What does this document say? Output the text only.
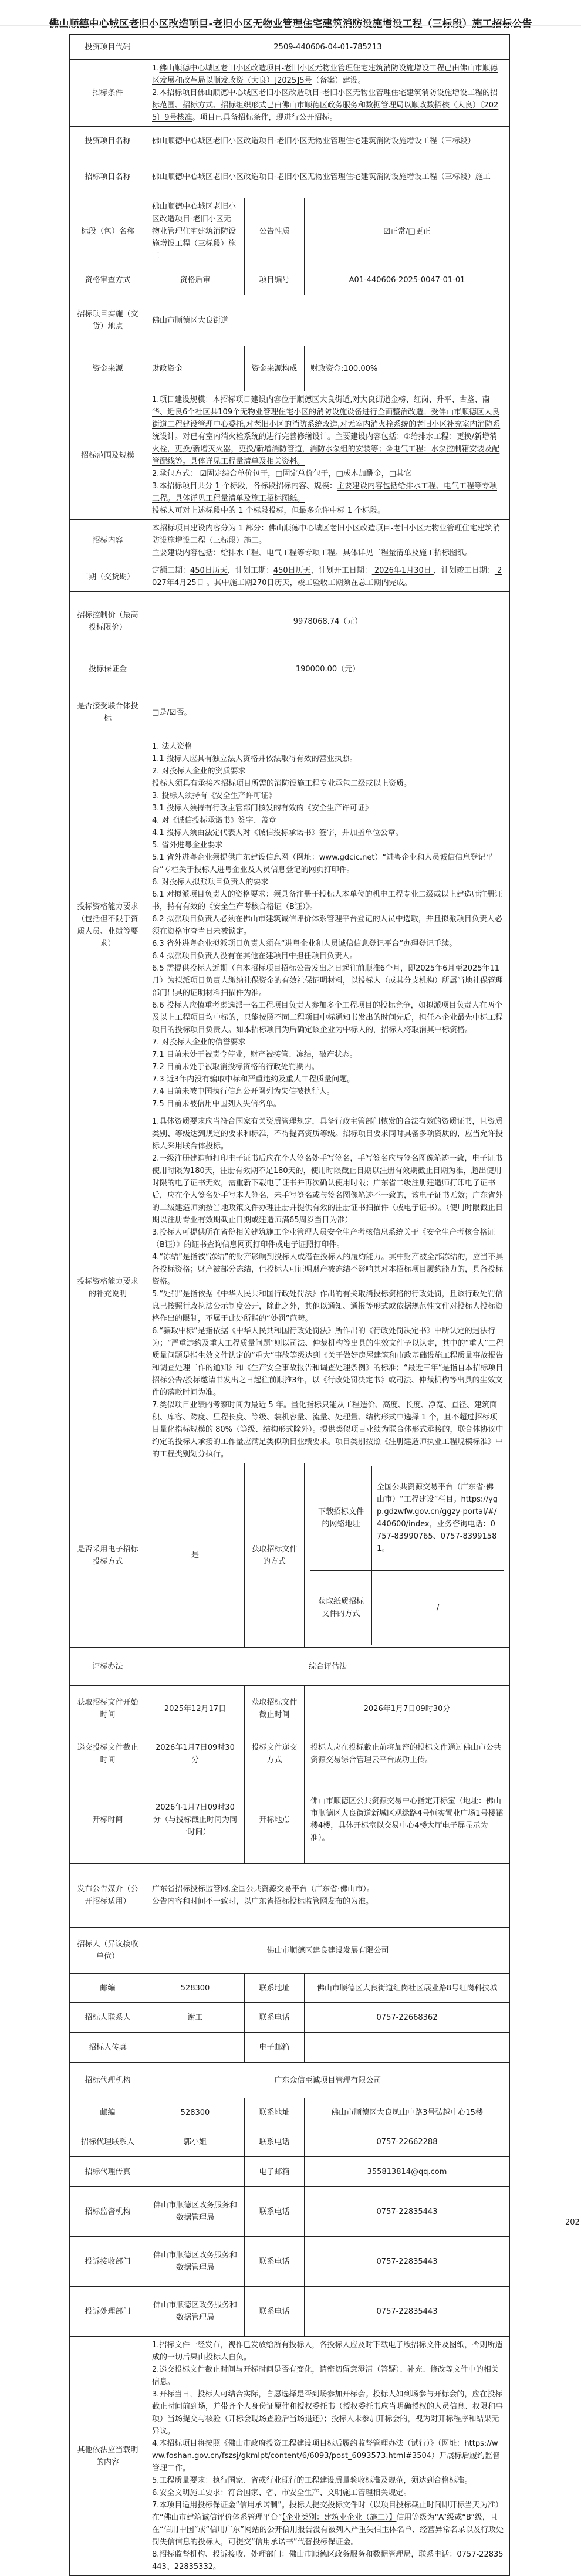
佛山顺德中心城区老旧小区改造项目-老旧小区无物业管理住宅建筑消防设施增设工程（三标段）施工招标公告
投资项目代码	2509-440606-04-01-785213
招标条件	1.佛山顺德中心城区老旧小区改造项目-老旧小区无物业管理住宅建筑消防设施增设工程已由佛山市顺德区发展和改革局以顺发改资（大良）[2025]5号（备案）建设。
2.本招标项目佛山顺德中心城区老旧小区改造项目-老旧小区无物业管理住宅建筑消防设施增设工程的招标范围、招标方式、招标组织形式已由佛山市顺德区政务服务和数据管理局以顺政数招核（大良）〔2025〕9号核准。项目已具备招标条件，现进行公开招标。
投资项目名称	佛山顺德中心城区老旧小区改造项目-老旧小区无物业管理住宅建筑消防设施增设工程（三标段）
招标项目名称	佛山顺德中心城区老旧小区改造项目-老旧小区无物业管理住宅建筑消防设施增设工程（三标段）施工
标段（包）名称	佛山顺德中心城区老旧小区改造项目-老旧小区无物业管理住宅建筑消防设施增设工程（三标段）施工	公告性质	☑正常/□更正
资格审查方式	资格后审	项目编号	A01-440606-2025-0047-01-01
招标项目实施（交货）地点	佛山市顺德区大良街道
资金来源	财政资金	资金来源构成	财政资金:100.00%
招标范围及规模	1.项目建设规模：本招标项目建设内容位于顺德区大良街道,对大良街道金榜、红岗、升平、古鉴、南华、近良6个社区共109个无物业管理住宅小区的消防设施设备进行全面整治改造。受佛山市顺德区大良街道工程建设管理中心委托,对老旧小区的消防系统改造,对无室内消火栓系统的老旧小区补充室内消防系统设计。对已有室内消火栓系统的进行完善修缮设计。主要建设内容包括：①给排水工程：更换/新增消火栓，更换/新增灭火器，更换/新增消防管道，消防水泵组的安装等；②电气工程：水泵控制箱安装及配管配线等。具体详见工程量清单及相关资料。
2.承包方式： ☑固定综合单价包干，□固定总价包干，□成本加酬金，□其它
3.本招标项目共分 1 个标段，各标段招标内容、规模：主要建设内容包括给排水工程、电气工程等专项工程。具体详见工程量清单及施工招标图纸。
投标人可对上述标段中的 1 个标段投标，但最多允许中标 1 个标段。
招标内容	本招标项目建设内容分为 1 部分：佛山顺德中心城区老旧小区改造项目-老旧小区无物业管理住宅建筑消防设施增设工程（三标段）施工。
主要建设内容包括：给排水工程、电气工程等专项工程。具体详见工程量清单及施工招标图纸。
工期（交货期）	定额工期：450日历天，计划工期：450日历天，计划开工日期： 2026年1月30日 ，计划竣工日期： 2027年4月25日 。其中施工期270日历天，竣工验收工期须在总工期内完成。
招标控制价（最高投标限价）	9978068.74（元）
投标保证金	190000.00（元）
是否接受联合体投标	□是/☑否。
投标资格能力要求（包括但不限于资质人员、业绩等要求）	1. 法人资格
1.1 投标人应具有独立法人资格并依法取得有效的营业执照。
2. 对投标人企业的资质要求
投标人须具有承接本招标项目所需的消防设施工程专业承包二级或以上资质。
3. 投标人须持有《安全生产许可证》
3.1 投标人须持有行政主管部门核发的有效的《安全生产许可证》
4. 对《诚信投标承诺书》签字、盖章
4.1 投标人须由法定代表人对《诚信投标承诺书》签字，并加盖单位公章。
5. 省外进粤企业要求
5.1 省外进粤企业须提供广东建设信息网（网址：www.gdcic.net）“进粤企业和人员诚信信息登记平台”专栏关于投标人进粤企业及人员信息登记的网页打印件。
6. 对投标人拟派项目负责人的要求
6.1 对拟派项目负责人的资格要求：须具备注册于投标人本单位的机电工程专业二级或以上建造师注册证书，持有有效的《安全生产考核合格证（B证）》。
6.2 拟派项目负责人必须在佛山市建筑诚信评价体系管理平台登记的人员中选取，并且拟派项目负责人必须在资格审查当日未被锁定。
6.3 省外进粤企业拟派项目负责人须在“进粤企业和人员诚信信息登记平台”办理登记手续。
6.4 拟派项目负责人没有在其他在建项目中担任项目负责人。
6.5 需提供投标人近期（自本招标项目招标公告发出之日起往前顺推6个月，即2025年6月至2025年11月）为拟派项目负责人缴纳社保资金的有效社保证明材料，以投标人（或其分支机构）所属当地社保管理部门出具的证明材料扫描件为准。
6.6 投标人应慎重考虑选派一名工程项目负责人参加多个工程项目的投标竞争，如拟派项目负责人在两个及以上工程项目均中标的，只能按照不同工程项目中标通知书发出的时间先后，担任本企业最先中标工程项目的投标项目负责人。如本招标项目为后确定该企业为中标人的，招标人将取消其中标资格。
7. 对投标人企业的信誉要求
7.1 目前未处于被责令停业，财产被接管、冻结，破产状态。
7.2 目前未处于被取消投标资格的行政处罚期内。
7.3 近3年内没有骗取中标和严重违约及重大工程质量问题。
7.4 目前未被中国执行信息公开网列为失信被执行人。
7.5 目前未被信用中国列入失信名单。
投标资格能力要求的补充说明	1.具体资质要求应当符合国家有关资质管理规定，具备行政主管部门核发的合法有效的资质证书，且资质类别、等级达到规定的要求和标准，不得提高资质等级。招标项目要求同时具备多项资质的，应当允许投标人采用联合体投标。
2.一级注册建造师打印电子证书后应在个人签名处手写签名，手写签名应与签名图像笔迹一致，电子证书使用时限为180天，注册有效期不足180天的，使用时限截止日期以注册有效期截止日期为准，超出使用时限的电子证书无效，需重新下载电子证书并再次确认使用时限；广东省二级注册建造师打印电子证书后，应在个人签名处手写本人签名，未手写签名或与签名图像笔迹不一致的，该电子证书无效；广东省外的二级建造师须按当地政策文件办理注册并提供有效的注册证书扫描件（或电子证书）。（使用时限截止日期以注册专业有效期截止日期或建造师满65周岁当日为准）
3.投标人可提供所在省份相关建筑施工企业管理人员安全生产考核信息系统关于《安全生产考核合格证（B证）》的证书查询信息网页打印件或电子证照打印件。
4.“冻结”是指被“冻结”的财产影响到投标人或潜在投标人的履约能力。其中财产被全部冻结的，应当不具备投标资格；财产被部分冻结，但投标人可证明财产被冻结不影响其对本招标项目履约能力的，具备投标资格。
5.“处罚”是指依据《中华人民共和国行政处罚法》作出的有关取消投标资格的行政处罚，且该行政处罚信息已按照行政执法公示制度公开，除此之外，其他以通知、通报等形式或依据规范性文件对投标人投标资格作出的限制，不属于此处所指的“处罚”范畴。
6.“骗取中标”是指依据《中华人民共和国行政处罚法》所作出的《行政处罚决定书》中所认定的违法行为；“严重违约及重大工程质量问题”则以司法、仲裁机构等出具的生效文件予以认定，其中的“重大”工程质量问题是指生效文件认定的“重大”事故等级达到《关于做好房屋建筑和市政基础设施工程质量事故报告和调查处理工作的通知》和《生产安全事故报告和调查处理条例》的标准；“最近三年”是指自本招标项目招标公告/投标邀请书发出之日起往前顺推3年，以《行政处罚决定书》或司法、仲裁机构等出具的生效文件的落款时间为准。
7.类似项目业绩的考察时间为最近 5 年。量化指标只能从工程造价、高度、长度、净宽、直径、建筑面积、库容、跨度、里程长度、等级、装机容量、流量、处理量、结构形式中选择 1 个，且不超过招标项目量化指标规模的 80%（等级、结构形式除外）。提供类似项目业绩为联合体形式承接的，联合体协议中约定的投标人承接的工作量应满足类似项目业绩要求。项目类别按照《注册建造师执业工程规模标准》中的工程类别划分执行。
是否采用电子招标投标方式	是	获取招标文件的方式	
下载招标文件的网络地址	全国公共资源交易平台（广东省·佛山市）“工程建设”栏目。https://ygp.gdzwfw.gov.cn/ggzy-portal/#/440600/index，业务咨询电话：0757-83990765、0757-83991581。
获取纸质招标文件的方式	/

评标办法	综合评估法
获取招标文件开始时间	2025年12月17日	获取招标文件截止时间	2026年1月7日09时30分
递交投标文件截止时间	2026年1月7日09时30分	投标文件递交方式	投标人应在投标截止前将加密的投标文件通过佛山市公共资源交易综合管理云平台成功上传。
开标时间	2026年1月7日09时30分（与投标截止时间为同一时间）	开标地点	佛山市顺德区公共资源交易中心指定开标室（地址：佛山市顺德区大良街道新城区观绿路4号恒实置业广场1号楼裙楼4楼，具体开标室以交易中心4楼大厅电子屏显示为准）。
发布公告媒介（公开招标适用）	广东省招标投标监管网,全国公共资源交易平台（广东省·佛山市）。
公告内容和时间不一致时，以广东省招标投标监管网发布的为准。
招标人（异议接收单位）	佛山市顺德区建良建设发展有限公司
邮编	528300	联系地址	佛山市顺德区大良街道红岗社区展业路8号红岗科技城
招标人联系人	谢工	联系电话	0757-22668362
招标人传真		电子邮箱	
招标代理机构	广东众信至诚项目管理有限公司
邮编	528300	联系地址	佛山市顺德区大良凤山中路3号弘越中心15楼
招标代理联系人	郭小姐	联系电话	0757-22662288
招标代理传真		电子邮箱	355813814@qq.com
招标监督机构	佛山市顺德区政务服务和数据管理局	联系电话	0757-22835443
投诉接收部门	佛山市顺德区政务服务和数据管理局	联系电话	0757-22835443
投诉处理部门	佛山市顺德区政务服务和数据管理局	联系电话	0757-22835443
其他依法应当载明的内容	1.招标文件一经发布，视作已发放给所有投标人，各投标人应及时下载电子版招标文件及图纸，否则所造成的一切后果由投标人自负。
2.递交投标文件截止时间与开标时间是否有变化，请密切留意澄清（答疑）、补充、修改等文件中的相关信息。
3.开标当日，投标人可结合实际，自愿选择是否到场参加开标会。投标人如到场参与开标会的，应在投标截止时间前到场，并带齐个人身份证原件和授权委托书（授权委托书应当明确授权的人员信息、权限和事项）当场提交与核验（开标会现场查验后当场退还）；投标人未参加开标会的，视为对开标程序和结果无异议。
4.本招标项目将按照《佛山市政府投资工程建设项目标后履约监督管理办法（试行）》（网址：https://www.foshan.gov.cn/fszsj/gkmlpt/content/6/6093/post_6093573.html#3504）开展标后履约监督管理工作。
5.工程质量要求：执行国家、省或行业现行的工程建设质量验收标准及规范，须达到合格标准。
6.安全文明施工要求：符合国家、省、市安全生产、文明施工管理相关规定。
7.本项目适用投标保证金“信用承诺制”。投标人提交投标文件时（以项目投标截止时间即开标当天为准）在“佛山市建筑诚信评价体系管理平台”【企业类别：建筑业企业（施工）】信用等级为“A”级或“B”级，且在“信用中国”或“信用广东”网站的公开信用报告没有被列入严重失信主体名单、经营异常名录以及行政处罚失信信息的投标人，可提交“信用承诺书”代替投标保证金。
8.招标监督机构、投诉接收、处理部门：佛山市顺德区政务服务和数据管理局，联系电话：0757-22835443、22835332。
202
